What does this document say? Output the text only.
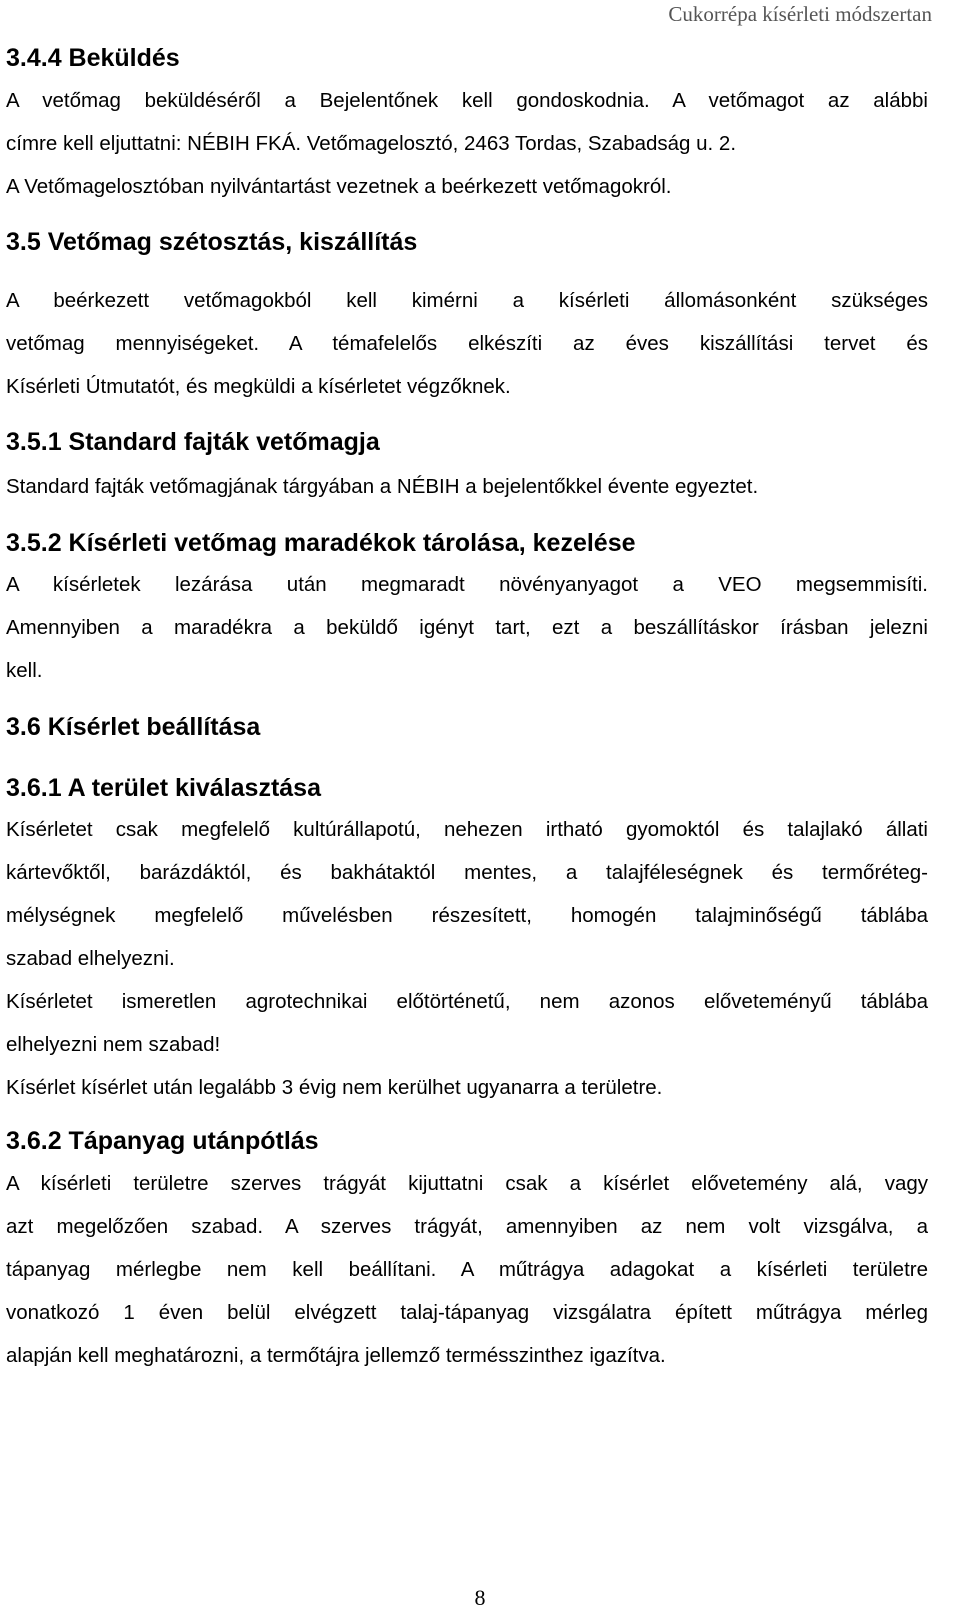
Cukorrépa kísérleti módszertan
3.4.4 Beküldés
A vetőmag beküldéséről a Bejelentőnek kell gondoskodnia. A vetőmagot az alábbi
címre kell eljuttatni: NÉBIH FKÁ. Vetőmagelosztó, 2463 Tordas, Szabadság u. 2.
A Vetőmagelosztóban nyilvántartást vezetnek a beérkezett vetőmagokról.
3.5 Vetőmag szétosztás, kiszállítás
A beérkezett vetőmagokból kell kimérni a kísérleti állomásonként szükséges
vetőmag mennyiségeket. A témafelelős elkészíti az éves kiszállítási tervet és
Kísérleti Útmutatót, és megküldi a kísérletet végzőknek.
3.5.1 Standard fajták vetőmagja
Standard fajták vetőmagjának tárgyában a NÉBIH a bejelentőkkel évente egyeztet.
3.5.2 Kísérleti vetőmag maradékok tárolása, kezelése
A kísérletek lezárása után megmaradt növényanyagot a VEO megsemmisíti.
Amennyiben a maradékra a beküldő igényt tart, ezt a beszállításkor írásban jelezni
kell.
3.6 Kísérlet beállítása
3.6.1 A terület kiválasztása
Kísérletet csak megfelelő kultúrállapotú, nehezen irtható gyomoktól és talajlakó állati
kártevőktől, barázdáktól, és bakhátaktól mentes, a talajféleségnek és termőréteg-
mélységnek megfelelő művelésben részesített, homogén talajminőségű táblába
szabad elhelyezni.
Kísérletet ismeretlen agrotechnikai előtörténetű, nem azonos előveteményű táblába
elhelyezni nem szabad!
Kísérlet kísérlet után legalább 3 évig nem kerülhet ugyanarra a területre.
3.6.2 Tápanyag utánpótlás
A kísérleti területre szerves trágyát kijuttatni csak a kísérlet elővetemény alá, vagy
azt megelőzően szabad. A szerves trágyát, amennyiben az nem volt vizsgálva, a
tápanyag mérlegbe nem kell beállítani. A műtrágya adagokat a kísérleti területre
vonatkozó 1 éven belül elvégzett talaj-tápanyag vizsgálatra épített műtrágya mérleg
alapján kell meghatározni, a termőtájra jellemző termésszinthez igazítva.
8
